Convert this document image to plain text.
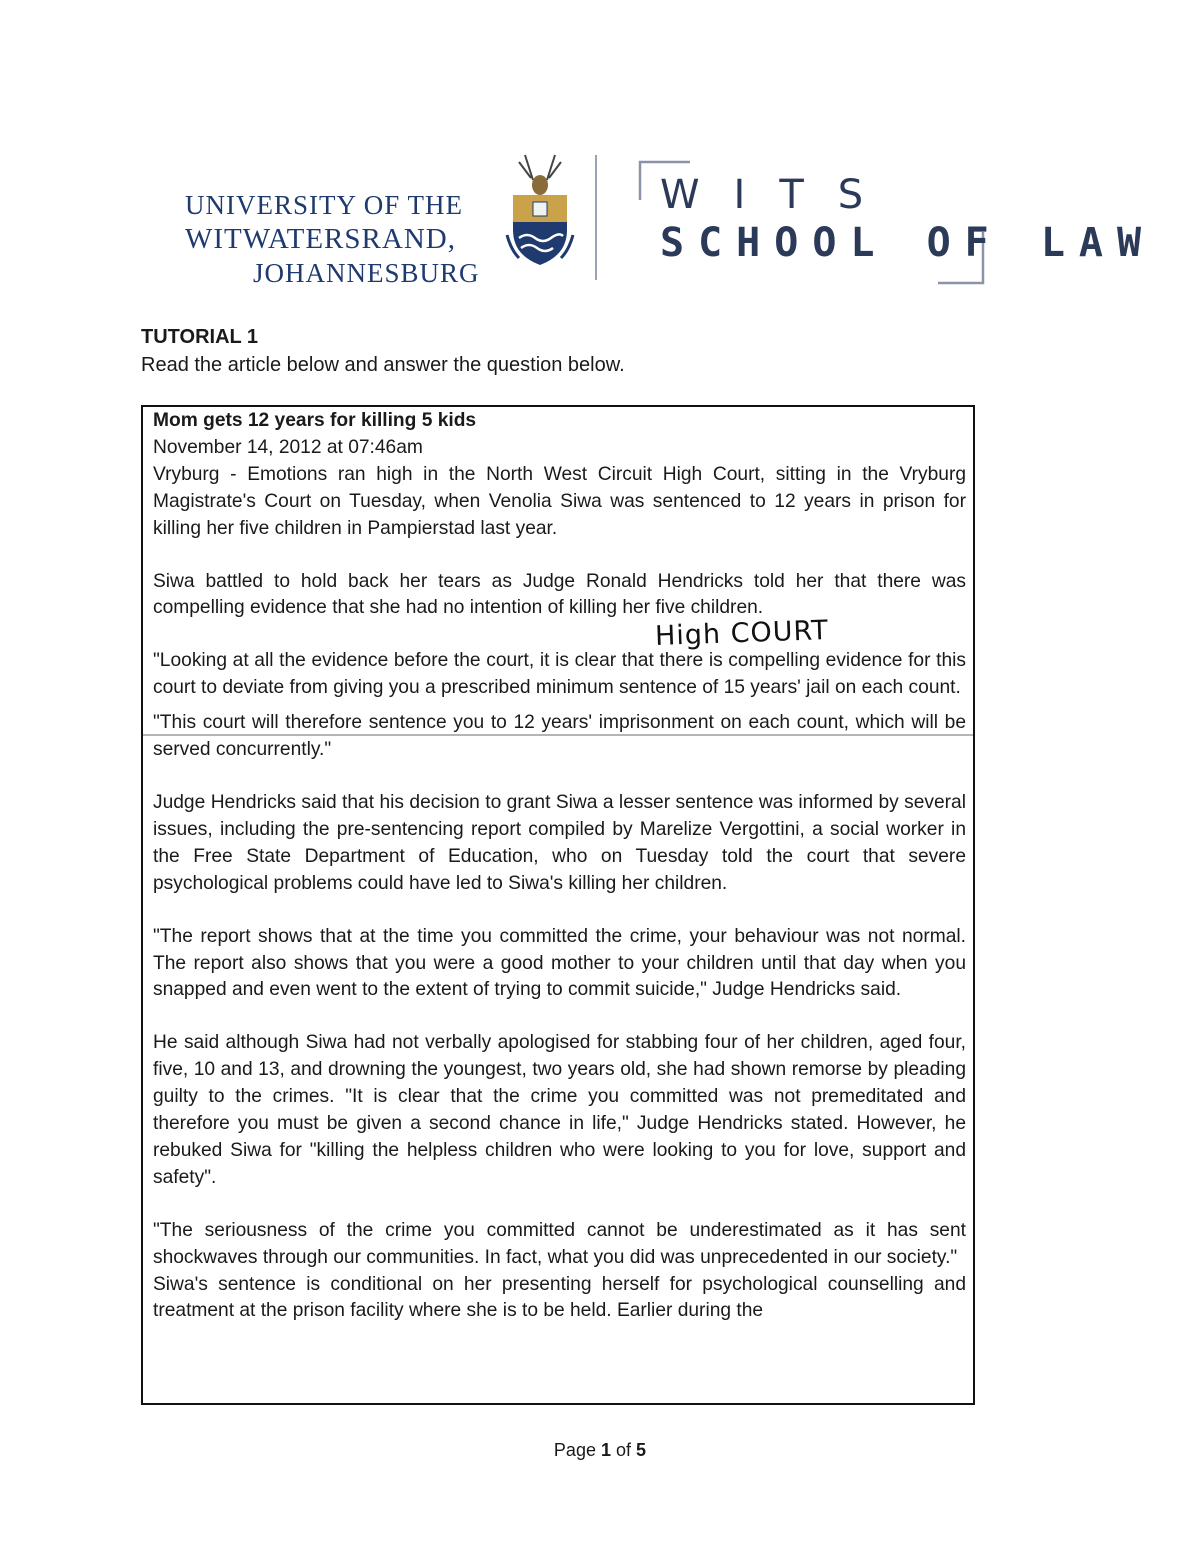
UNIVERSITY OF THE
WITWATERSRAND,
JOHANNESBURG
WITS
SCHOOL OF LAW
TUTORIAL 1
Read the article below and answer the question below.
Mom gets 12 years for killing 5 kids
November 14, 2012 at 07:46am

Vryburg - Emotions ran high in the North West Circuit High Court, sitting in the Vryburg Magistrate's Court on Tuesday, when Venolia Siwa was sentenced to 12 years in prison for killing her five children in Pampierstad last year.

Siwa battled to hold back her tears as Judge Ronald Hendricks told her that there was compelling evidence that she had no intention of killing her five children.

"Looking at all the evidence before the court, it is clear that there is compelling evidence for this court to deviate from giving you a prescribed minimum sentence of 15 years' jail on each count.

"This court will therefore sentence you to 12 years' imprisonment on each count, which will be served concurrently."

Judge Hendricks said that his decision to grant Siwa a lesser sentence was informed by several issues, including the pre-sentencing report compiled by Marelize Vergottini, a social worker in the Free State Department of Education, who on Tuesday told the court that severe psychological problems could have led to Siwa's killing her children.

"The report shows that at the time you committed the crime, your behaviour was not normal. The report also shows that you were a good mother to your children until that day when you snapped and even went to the extent of trying to commit suicide," Judge Hendricks said.

He said although Siwa had not verbally apologised for stabbing four of her children, aged four, five, 10 and 13, and drowning the youngest, two years old, she had shown remorse by pleading guilty to the crimes. "It is clear that the crime you committed was not premeditated and therefore you must be given a second chance in life," Judge Hendricks stated. However, he rebuked Siwa for "killing the helpless children who were looking to you for love, support and safety".

"The seriousness of the crime you committed cannot be underestimated as it has sent shockwaves through our communities. In fact, what you did was unprecedented in our society."

Siwa's sentence is conditional on her presenting herself for psychological counselling and treatment at the prison facility where she is to be held. Earlier during the

High COURT
Page 1 of 5
